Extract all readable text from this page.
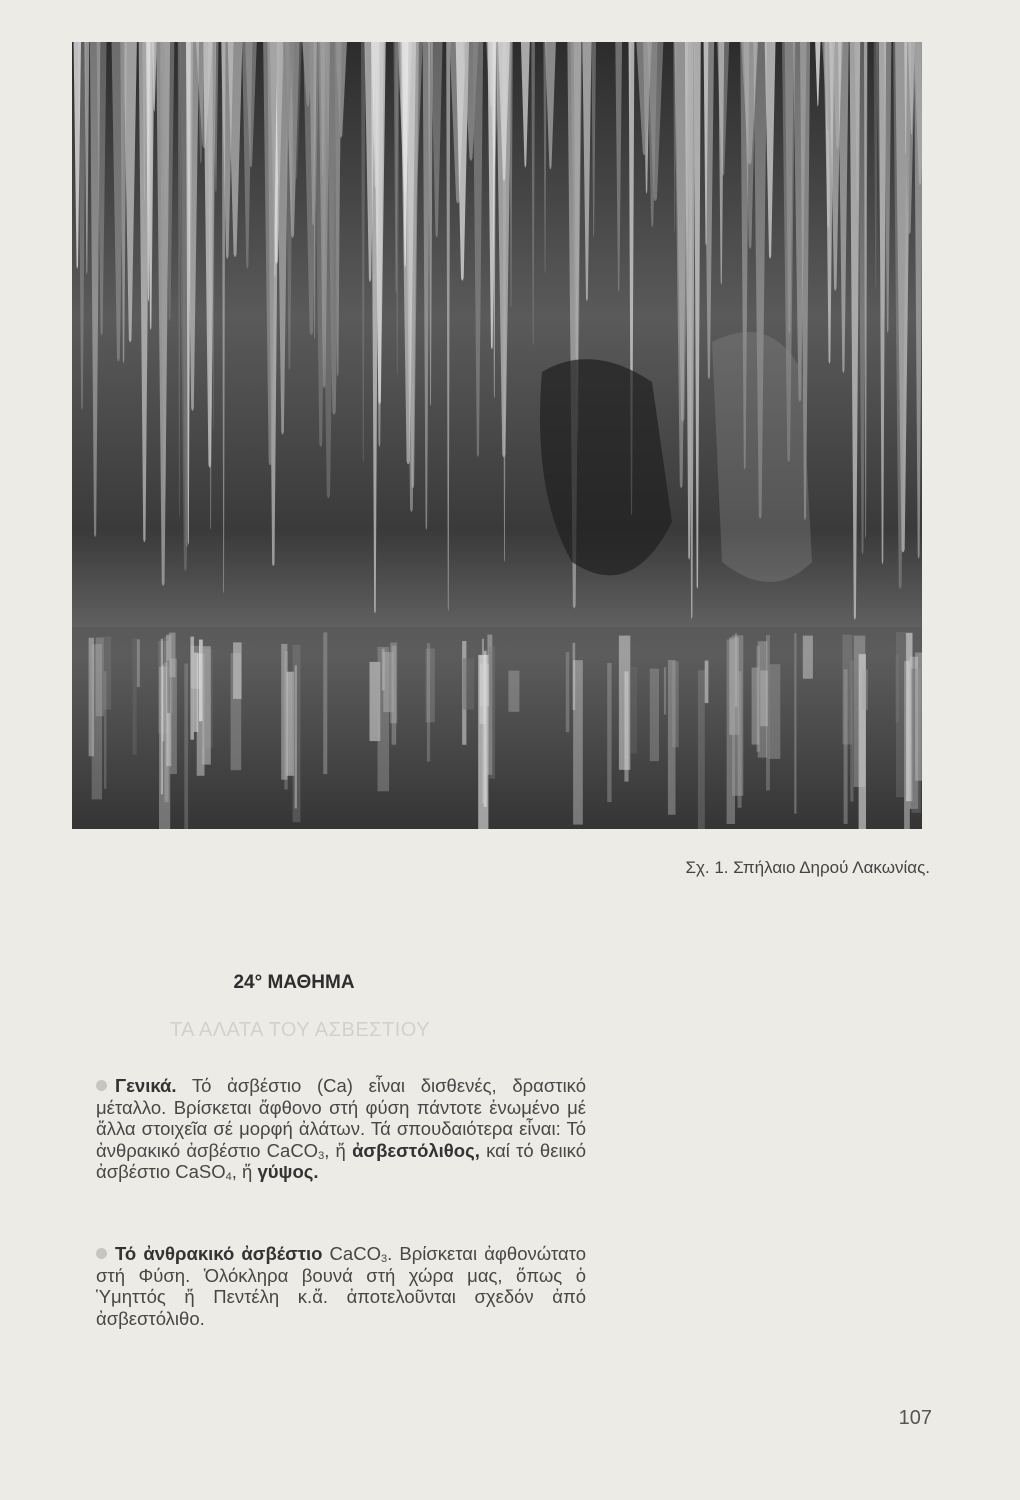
Σχ. 1. Σπήλαιο Δηρού Λακωνίας.
24° ΜΑΘΗΜΑ
ΤΑ ΑΛΑΤΑ ΤΟΥ ΑΣΒΕΣΤΙΟΥ

Γενικά. Τό ἀσβέστιο (Ca) εἶναι δισθενές, δραστικό μέταλλο. Βρίσκεται ἄφθονο στή φύση πάντοτε ἑνωμένο μέ ἄλλα στοιχεῖα σέ μορφή ἀλάτων. Τά σπουδαιότερα εἶναι: Τό ἀνθρακικό ἀσβέστιο CaCO$_3$, ἤ ἀσβεστόλιθος, καί τό θειικό ἀσβέστιο CaSO$_4$, ἤ γύψος.

Τό ἀνθρακικό ἀσβέστιο CaCO$_3$. Βρίσκεται ἀφθονώτατο στή Φύση. Ὁλόκληρα βουνά στή χώρα μας, ὅπως ὁ Ὑμηττός ἤ Πεντέλη κ.ἄ. ἀποτελοῦνται σχεδόν ἀπό ἀσβεστόλιθο.

107
